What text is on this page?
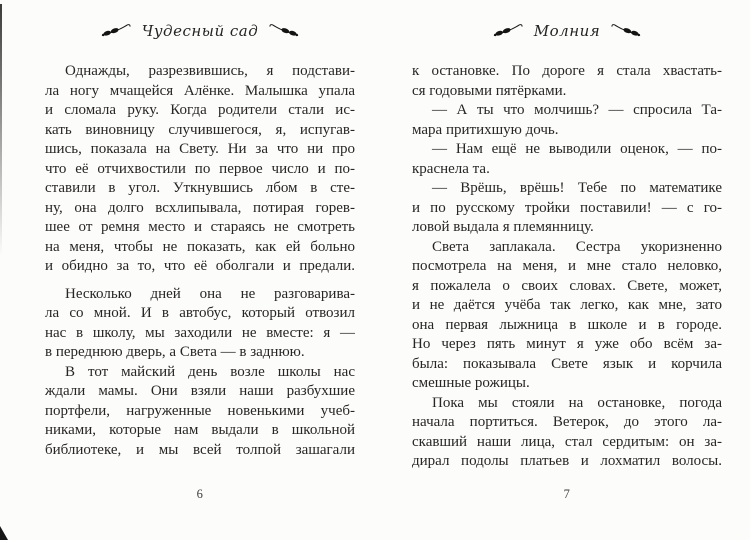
Чудесный сад
Однажды, разрезвившись, я подстави-
ла ногу мчащейся Алёнке. Малышка упала
и сломала руку. Когда родители стали ис-
кать виновницу случившегося, я, испугав-
шись, показала на Свету. Ни за что ни про
что её отчихвостили по первое число и по-
ставили в угол. Уткнувшись лбом в сте-
ну, она долго всхлипывала, потирая горев-
шее от ремня место и стараясь не смотреть
на меня, чтобы не показать, как ей больно
и обидно за то, что её оболгали и предали.
Несколько дней она не разговарива-
ла со мной. И в автобус, который отвозил
нас в школу, мы заходили не вместе: я —
в переднюю дверь, а Света — в заднюю.
В тот майский день возле школы нас
ждали мамы. Они взяли наши разбухшие
портфели, нагруженные новенькими учеб-
никами, которые нам выдали в школьной
библиотеке, и мы всей толпой зашагали
6
Молния
к остановке. По дороге я стала хвастать-
ся годовыми пятёрками.
— А ты что молчишь? — спросила Та-
мара притихшую дочь.
— Нам ещё не выводили оценок, — по-
краснела та.
— Врёшь, врёшь! Тебе по математике
и по русскому тройки поставили! — с го-
ловой выдала я племянницу.
Света заплакала. Сестра укоризненно
посмотрела на меня, и мне стало неловко,
я пожалела о своих словах. Свете, может,
и не даётся учёба так легко, как мне, зато
она первая лыжница в школе и в городе.
Но через пять минут я уже обо всём за-
была: показывала Свете язык и корчила
смешные рожицы.
Пока мы стояли на остановке, погода
начала портиться. Ветерок, до этого ла-
скавший наши лица, стал сердитым: он за-
дирал подолы платьев и лохматил волосы.
7
